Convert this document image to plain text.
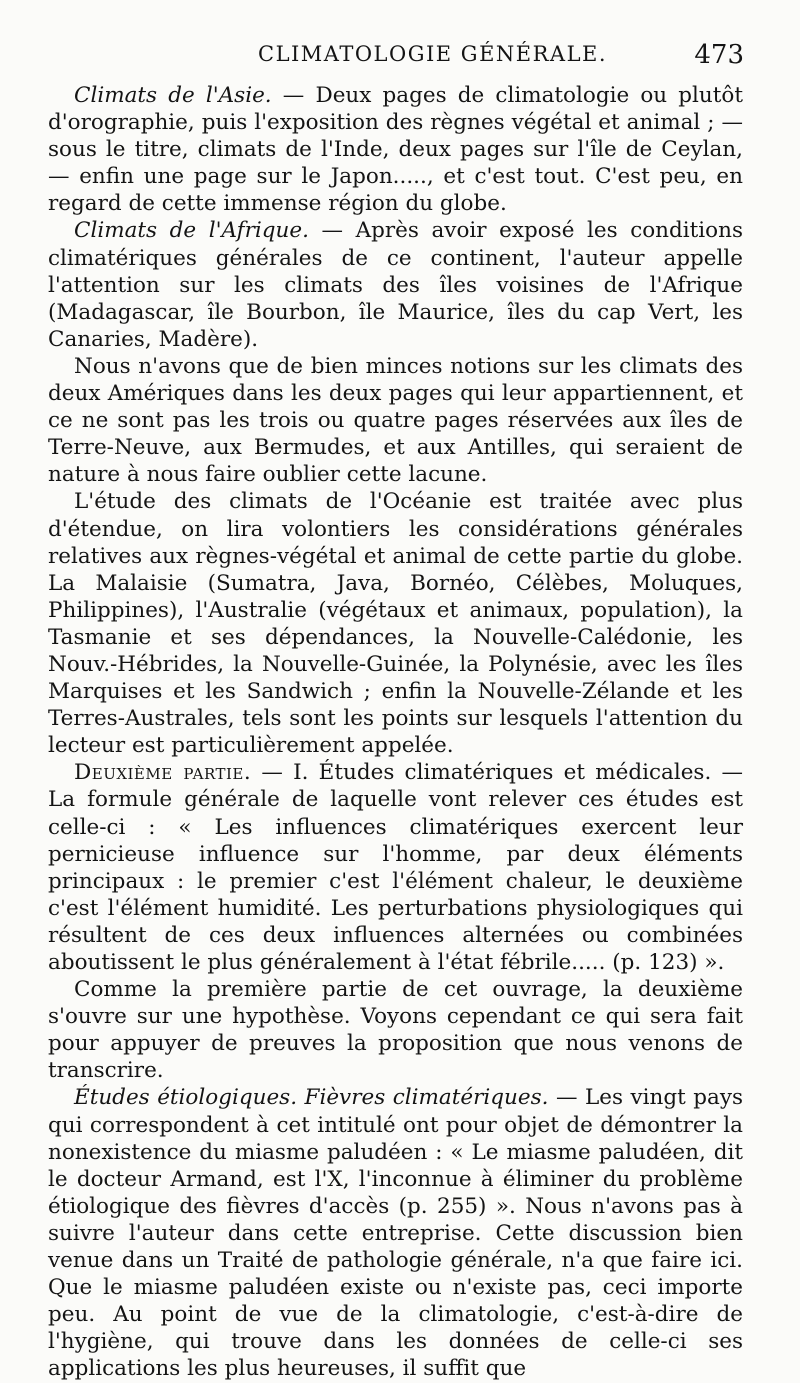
CLIMATOLOGIE GÉNÉRALE.	473
Climats de l'Asie. — Deux pages de climatologie ou plutôt d'orographie, puis l'exposition des règnes végétal et animal ; — sous le titre, climats de l'Inde, deux pages sur l'île de Ceylan, — enfin une page sur le Japon....., et c'est tout. C'est peu, en regard de cette immense région du globe.
Climats de l'Afrique. — Après avoir exposé les conditions climatériques générales de ce continent, l'auteur appelle l'attention sur les climats des îles voisines de l'Afrique (Madagascar, île Bourbon, île Maurice, îles du cap Vert, les Canaries, Madère).
Nous n'avons que de bien minces notions sur les climats des deux Amériques dans les deux pages qui leur appartiennent, et ce ne sont pas les trois ou quatre pages réservées aux îles de Terre-Neuve, aux Bermudes, et aux Antilles, qui seraient de nature à nous faire oublier cette lacune.
L'étude des climats de l'Océanie est traitée avec plus d'étendue, on lira volontiers les considérations générales relatives aux règnes-végétal et animal de cette partie du globe. La Malaisie (Sumatra, Java, Bornéo, Célèbes, Moluques, Philippines), l'Australie (végétaux et animaux, population), la Tasmanie et ses dépendances, la Nouvelle-Calédonie, les Nouv.-Hébrides, la Nouvelle-Guinée, la Polynésie, avec les îles Marquises et les Sandwich ; enfin la Nouvelle-Zélande et les Terres-Australes, tels sont les points sur lesquels l'attention du lecteur est particulièrement appelée.
Deuxième partie. — I. Études climatériques et médicales. — La formule générale de laquelle vont relever ces études est celle-ci : « Les influences climatériques exercent leur pernicieuse influence sur l'homme, par deux éléments principaux : le premier c'est l'élément chaleur, le deuxième c'est l'élément humidité. Les perturbations physiologiques qui résultent de ces deux influences alternées ou combinées aboutissent le plus généralement à l'état fébrile..... (p. 123) ».
Comme la première partie de cet ouvrage, la deuxième s'ouvre sur une hypothèse. Voyons cependant ce qui sera fait pour appuyer de preuves la proposition que nous venons de transcrire.
Études étiologiques. Fièvres climatériques. — Les vingt pays qui correspondent à cet intitulé ont pour objet de démontrer la nonexistence du miasme paludéen : « Le miasme paludéen, dit le docteur Armand, est l'X, l'inconnue à éliminer du problème étiologique des fièvres d'accès (p. 255) ». Nous n'avons pas à suivre l'auteur dans cette entreprise. Cette discussion bien venue dans un Traité de pathologie générale, n'a que faire ici. Que le miasme paludéen existe ou n'existe pas, ceci importe peu. Au point de vue de la climatologie, c'est-à-dire de l'hygiène, qui trouve dans les données de celle-ci ses applications les plus heureuses, il suffit que
